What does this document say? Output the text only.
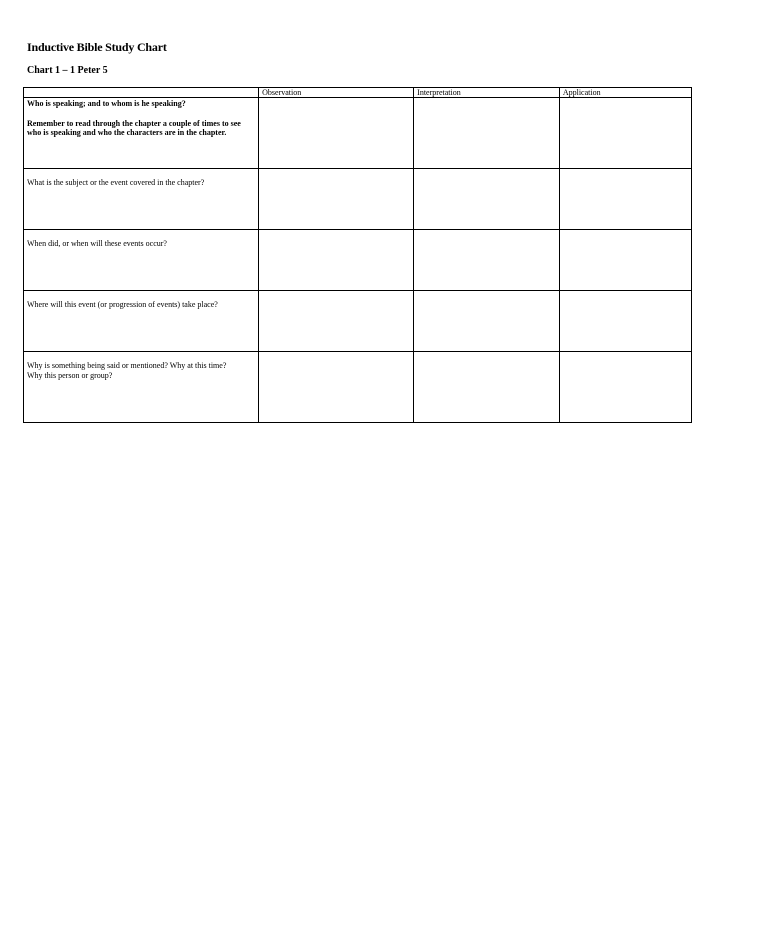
Inductive Bible Study Chart
Chart 1 – 1 Peter 5
	Observation	Interpretation	Application
Who is speaking; and to whom is he speaking?
Remember to read through the chapter a couple of times to see who is speaking and who the characters are in the chapter.			

What is the subject or the event covered in the chapter?			

When did, or when will these events occur?			

Where will this event (or progression of events) take place?			

Why is something being said or mentioned? Why at this time?
Why this person or group?			
